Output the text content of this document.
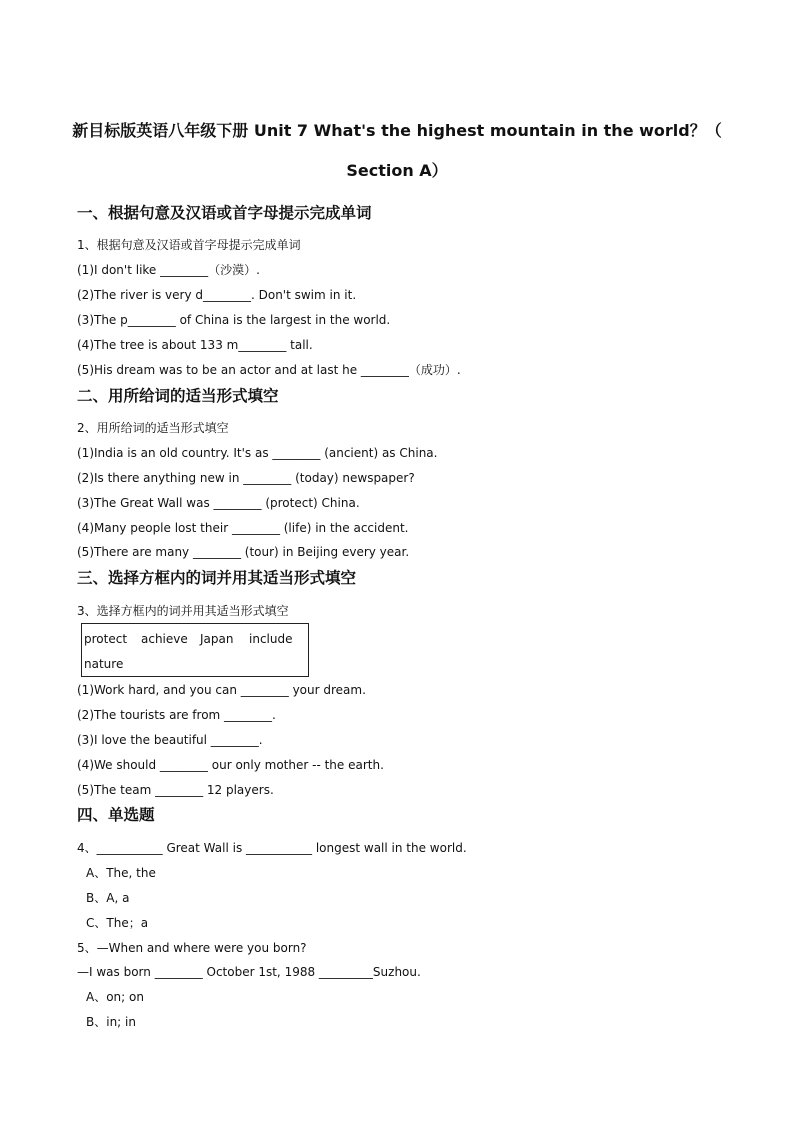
新目标版英语八年级下册 Unit 7 What's the highest mountain in the world？（
Section A）
一、根据句意及汉语或首字母提示完成单词
1、根据句意及汉语或首字母提示完成单词
(1)I don't like ________（沙漠）.
(2)The river is very d________. Don't swim in it.
(3)The p________ of China is the largest in the world.
(4)The tree is about 133 m________ tall.
(5)His dream was to be an actor and at last he ________（成功）.
二、用所给词的适当形式填空
2、用所给词的适当形式填空
(1)India is an old country. It's as ________ (ancient) as China.
(2)Is there anything new in ________ (today) newspaper?
(3)The Great Wall was ________ (protect) China.
(4)Many people lost their ________ (life) in the accident.
(5)There are many ________ (tour) in Beijing every year.
三、选择方框内的词并用其适当形式填空
3、选择方框内的词并用其适当形式填空
protect achieve Japan include
nature
(1)Work hard, and you can ________ your dream.
(2)The tourists are from ________.
(3)I love the beautiful ________.
(4)We should ________ our only mother -- the earth.
(5)The team ________ 12 players.
四、单选题
4、___________ Great Wall is ___________ longest wall in the world.
A、The, the
B、A, a
C、The；a
5、—When and where were you born?
—I was born ________ October 1st, 1988 _________Suzhou.
A、on; on
B、in; in
